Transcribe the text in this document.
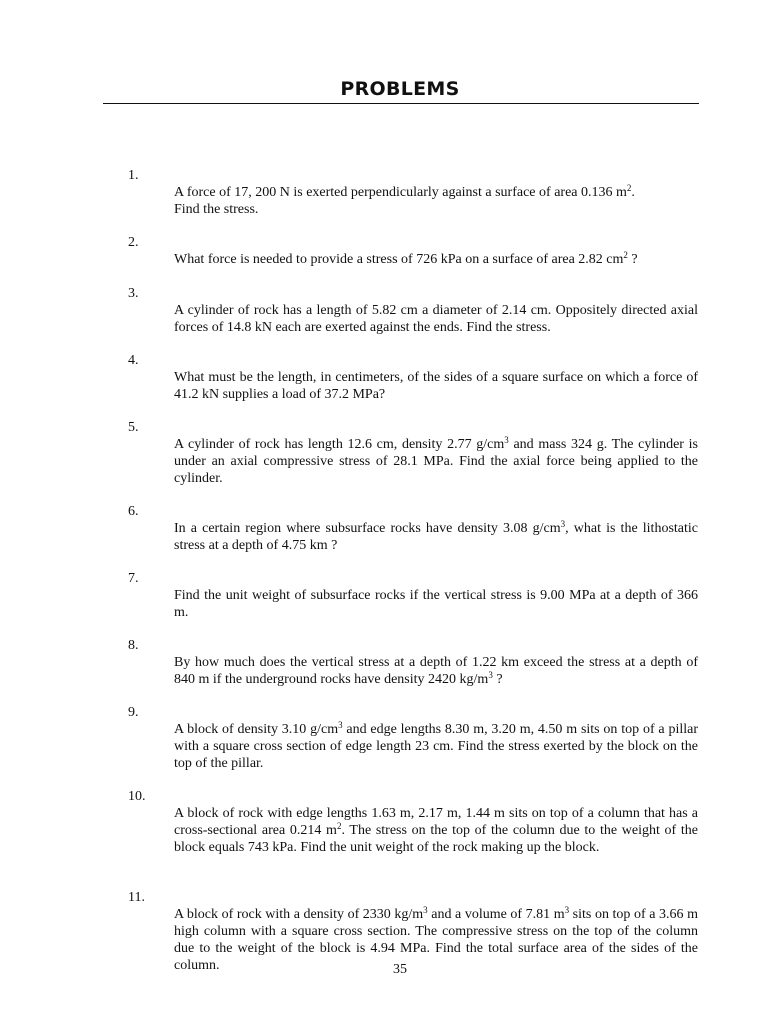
PROBLEMS
1.

A force of 17, 200 N is exerted perpendicularly against a surface of area 0.136 $m^2$.
Find the stress.

2.

What force is needed to provide a stress of 726 kPa on a surface of area 2.82 $cm^2$ ?

3.

A cylinder of rock has a length of 5.82 cm a diameter of 2.14 cm. Oppositely directed axial forces of 14.8 kN each are exerted against the ends. Find the stress.

4.

What must be the length, in centimeters, of the sides of a square surface on which a force of 41.2 kN supplies a load of 37.2 MPa?

5.

A cylinder of rock has length 12.6 cm, density 2.77 $g/cm^3$ and mass 324 g. The cylinder is under an axial compressive stress of 28.1 MPa. Find the axial force being applied to the cylinder.

6.

In a certain region where subsurface rocks have density 3.08 $g/cm^3$, what is the lithostatic stress at a depth of 4.75 km ?

7.

Find the unit weight of subsurface rocks if the vertical stress is 9.00 MPa at a depth of 366 m.

8.

By how much does the vertical stress at a depth of 1.22 km exceed the stress at a depth of 840 m if the underground rocks have density 2420 $kg/m^3$ ?

9.

A block of density 3.10 $g/cm^3$ and edge lengths 8.30 m, 3.20 m, 4.50 m sits on top of a pillar with a square cross section of edge length 23 cm. Find the stress exerted by the block on the top of the pillar.

10.

A block of rock with edge lengths 1.63 m, 2.17 m, 1.44 m sits on top of a column that has a cross-sectional area 0.214 $m^2$. The stress on the top of the column due to the weight of the block equals 743 kPa. Find the unit weight of the rock making up the block.

11.

A block of rock with a density of 2330 $kg/m^3$ and a volume of 7.81 $m^3$ sits on top of a 3.66 m high column with a square cross section. The compressive stress on the top of the column due to the weight of the block is 4.94 MPa. Find the total surface area of the sides of the column.	35
